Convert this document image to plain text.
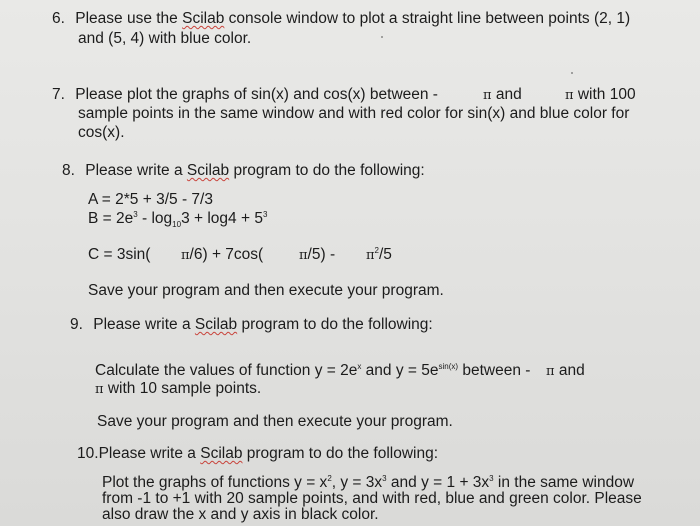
6. Please use the Scilab console window to plot a straight line between points (2, 1)
and (5, 4) with blue color.
7. Please plot the graphs of sin(x) and cos(x) between -	π and	π with 100
sample points in the same window and with red color for sin(x) and blue color for
cos(x).
8. Please write a Scilab program to do the following:
A = 2*5 + 3/5 - 7/3
$B = 2e^3 - \log_{10}3 + \log 4 + 5^3$
C = 3sin( π/6) + 7cos(	$\pi/5) - \pi^2/5$
Save your program and then execute your program.
9. Please write a Scilab program to do the following:
Calculate the values of function $y = 2e^x$ and $y = 5e^{sin(x)}$ between - π and
π with 10 sample points.
Save your program and then execute your program.
10.Please write a Scilab program to do the following:
Plot the graphs of functions $y = x^2$, $y = 3x^3$ and $y = 1 + 3x^3$ in the same window
from -1 to +1 with 20 sample points, and with red, blue and green color. Please
also draw the x and y axis in black color.
